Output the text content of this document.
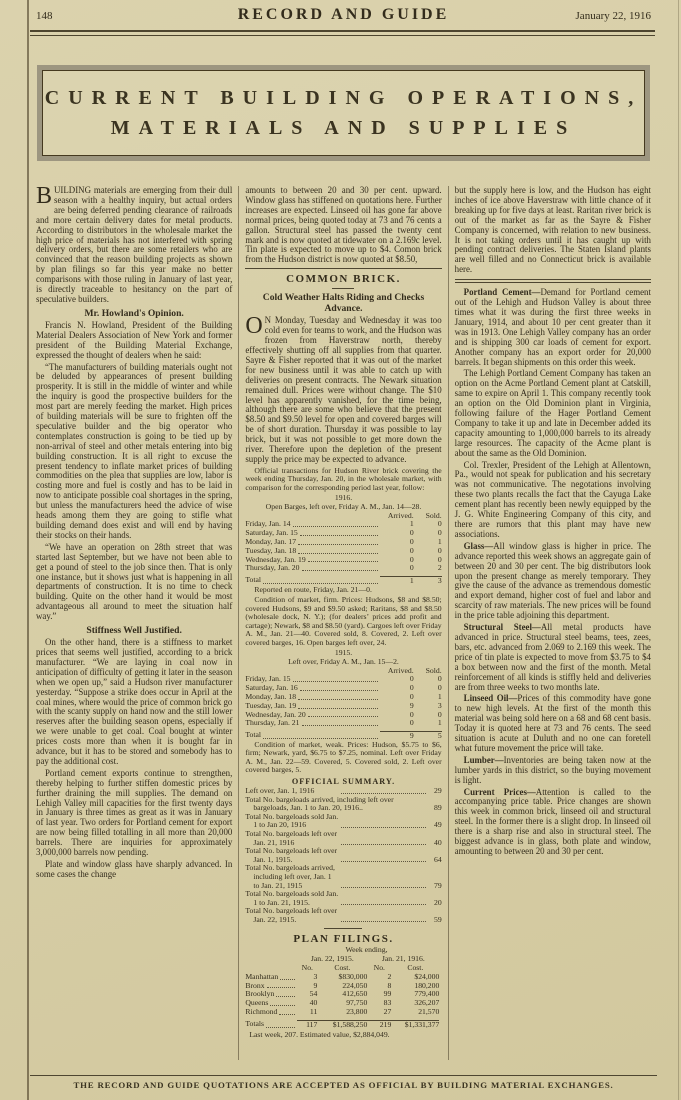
148	RECORD AND GUIDE	January 22, 1916
CURRENT BUILDING OPERATIONS,
MATERIALS AND SUPPLIES

BUILDING materials are emerging from their dull season with a healthy inquiry, but actual orders are being deferred pending clearance of railroads and more certain delivery dates for metal products. According to distributors in the wholesale market the high price of materials has not interfered with spring delivery orders, but there are some retailers who are convinced that the reason building projects as shown by plan filings so far this year make no better comparisons with those ruling in January of last year, is directly traceable to hesitancy on the part of speculative builders.

Mr. Howland's Opinion.

Francis N. Howland, President of the Building Material Dealers Association of New York and former president of the Building Material Exchange, expressed the thought of dealers when he said:

“The manufacturers of building materials ought not be deluded by appearances of present building prosperity. It is still in the middle of winter and while the inquiry is good the prospective builders for the most part are merely feeding the market. High prices of building materials will be sure to frighten off the speculative builder and the big operator who contemplates construction is going to be tied up by non-arrival of steel and other metals entering into big building construction. It is all right to excuse the present tendency to inflate market prices of building commodities on the plea that supplies are low, labor is costing more and fuel is costly and has to be laid in now to anticipate possible coal shortages in the spring, but unless the manufacturers heed the advice of wise heads among them they are going to stifle what building demand does exist and will end by having their stocks on their hands.

“We have an operation on 28th street that was started last September, but we have not been able to get a pound of steel to the job since then. That is only one instance, but it shows just what is happening in all departments of construction. It is no time to check building. Quite on the other hand it would be most advantageous all around to meet the situation half way.”

Stiffness Well Justified.

On the other hand, there is a stiffness to market prices that seems well justified, according to a brick manufacturer. “We are laying in coal now in anticipation of difficulty of getting it later in the season when we open up,” said a Hudson river manufacturer yesterday. “Suppose a strike does occur in April at the coal mines, where would the price of common brick go with the scanty supply on hand now and the still lower reserves after the building season opens, especially if we were unable to get coal. Coal bought at winter prices costs more than when it is bought far in advance, but it has to be stored and somebody has to pay the additional cost.

Portland cement exports continue to strengthen, thereby helping to further stiffen domestic prices by further draining the mill supplies. The demand on Lehigh Valley mill capacities for the first twenty days in January is three times as great as it was in January of last year. Two orders for Portland cement for export are now being filled totalling in all more than 20,000 barrels. There are inquiries for approximately 3,000,000 barrels now pending.

Plate and window glass have sharply advanced. In some cases the change

amounts to between 20 and 30 per cent. upward. Window glass has stiffened on quotations here. Further increases are expected. Linseed oil has gone far above normal prices, being quoted today at 73 and 76 cents a gallon. Structural steel has passed the twenty cent mark and is now quoted at tidewater on a 2.169c level. Tin plate is expected to move up to $4. Comon brick from the Hudson district is now quoted at $8.50,

COMMON BRICK.
Cold Weather Halts Riding and Checks Advance.

O N Monday, Tuesday and Wednesday it was too cold even for teams to work, and the Hudson was frozen from Haverstraw north, thereby effectively shutting off all supplies from that quarter. Sayre & Fisher reported that it was out of the market for new business until it was able to catch up with deliveries on present contracts. The Newark situation remained dull. Prices were without change. The $10 level has apparently vanished, for the time being, although there are some who believe that the present $8.50 and $9.50 level for open and covered barges will be of short duration. Thursday it was possible to lay brick, but it was not possible to get more down the river. Therefore upon the depletion of the present supply the price may be expected to advance.

Official transactions for Hudson River brick covering the week ending Thursday, Jan. 20, in the wholesale market, with comparison for the corresponding period last year, follow:

1916.
Open Barges, left over, Friday A. M., Jan. 14—28.
Arrived.	Sold.
Friday, Jan. 14	1	0
Saturday, Jan. 15	0	0
Monday, Jan. 17	0	1
Tuesday, Jan. 18	0	0
Wednesday, Jan. 19	0	0
Thursday, Jan. 20	0	2
Total	1	3

Reported en route, Friday, Jan. 21—0.

Condition of market, firm. Prices: Hudsons, $8 and $8.50; covered Hudsons, $9 and $9.50 asked; Raritans, $8 and $8.50 (wholesale dock, N. Y.); (for dealers’ prices add profit and cartage); Newark, $8 and $8.50 (yard). Cargoes left over Friday A. M., Jan. 21—40. Covered sold, 8. Covered, 2. Left over covered barges, 16. Open barges left over, 24.

1915.
Left over, Friday A. M., Jan. 15—2.
Arrived.	Sold.
Friday, Jan. 15	0	0
Saturday, Jan. 16	0	0
Monday, Jan. 18	0	1
Tuesday, Jan. 19	9	3
Wednesday, Jan. 20	0	0
Thursday, Jan. 21	0	1
Total	9	5

Condition of market, weak. Prices: Hudson, $5.75 to $6, firm; Newark, yard, $6.75 to $7.25, nominal. Left over Friday A. M., Jan. 22—59. Covered, 5. Covered sold, 2. Left over covered barges, 5.

OFFICIAL SUMMARY.
Left over, Jan. 1, 1916	29
Total No. bargeloads arrived, including left over bargeloads, Jan. 1 to Jan. 20, 1916..	89
Total No. bargeloads sold Jan. 1 to Jan 20, 1916	49
Total No. bargeloads left over Jan. 21, 1916	40
Total No. bargeloads left over Jan. 1, 1915.	64
Total No. bargeloads arrived, including left over, Jan. 1 to Jan. 21, 1915	79
Total No. bargeloads sold Jan. 1 to Jan. 21, 1915.	20
Total No. bargeloads left over Jan. 22, 1915.	59
PLAN FILINGS.
Week ending,
Jan. 22, 1915.	Jan. 21, 1916.
No.	Cost.	No.	Cost.
Manhattan	3	$830,000	2	$24,000
Bronx	9	224,050	8	180,200
Brooklyn	54	412,650	99	779,400
Queens	40	97,750	83	326,207
Richmond	11	23,800	27	21,570
Totals	117	$1,588,250	219	$1,331,377
Last week, 207. Estimated value, $2,884,049.

but the supply here is low, and the Hudson has eight inches of ice above Haverstraw with little chance of it breaking up for five days at least. Raritan river brick is out of the market as far as the Sayre & Fisher Company is concerned, with relation to new business. It is not taking orders until it has caught up with pending contract deliveries. The Staten Island plants are well filled and no Connecticut brick is available here.

Portland Cement—Demand for Portland cement out of the Lehigh and Hudson Valley is about three times what it was during the first three weeks in January, 1914, and about 10 per cent greater than it was in 1913. One Lehigh Valley company has an order and is shipping 300 car loads of cement for export. Another company has an export order for 20,000 barrels. It began shipments on this order this week.

The Lehigh Portland Cement Company has taken an option on the Acme Portland Cement plant at Catskill, same to expire on April 1. This company recently took an option on the Old Dominion plant in Virginia, following failure of the Hager Portland Cement Company to take it up and late in December added its capacity amounting to 1,000,000 barrels to its already large resources. The capacity of the Acme plant is about the same as the Old Dominion.

Col. Trexler, President of the Lehigh at Allentown, Pa., would not speak for publication and his secretary was not communicative. The negotations involving these two plants recalls the fact that the Cayuga Lake cement plant has recently been newly equipped by the J. G. White Engineering Company of this city, and there are rumors that this plant may have new associations.

Glass—All window glass is higher in price. The advance reported this week shows an aggregate gain of between 20 and 30 per cent. The big distributors look upon the present change as merely temporary. They give the cause of the advance as tremendous domestic and export demand, higher cost of fuel and labor and scarcity of raw materials. The new prices will be found in the price table adjoining this department.

Structural Steel—All metal products have advanced in price. Structural steel beams, tees, zees, bars, etc. advanced from 2.069 to 2.169 this week. The price of tin plate is expected to move from $3.75 to $4 a box between now and the first of the month. Metal reinforcement of all kinds is stiffly held and deliveries are from three weeks to two months late.

Linseed Oil—Prices of this commodity have gone to new high levels. At the first of the month this material was being sold here on a 68 and 68 cent basis. Today it is quoted here at 73 and 76 cents. The seed situation is acute at Duluth and no one can foretell what future movement the price will take.

Lumber—Inventories are being taken now at the lumber yards in this district, so the buying movement is light.

Current Prices—Attention is called to the accompanying price table. Price changes are shown this week in common brick, linseed oil and structural steel. In the former there is a slight drop. In linseed oil there is a sharp rise and also in structural steel. The biggest advance is in glass, both plate and window, amounting to between 20 and 30 per cent.

THE RECORD AND GUIDE QUOTATIONS ARE ACCEPTED AS OFFICIAL BY BUILDING MATERIAL EXCHANGES.
